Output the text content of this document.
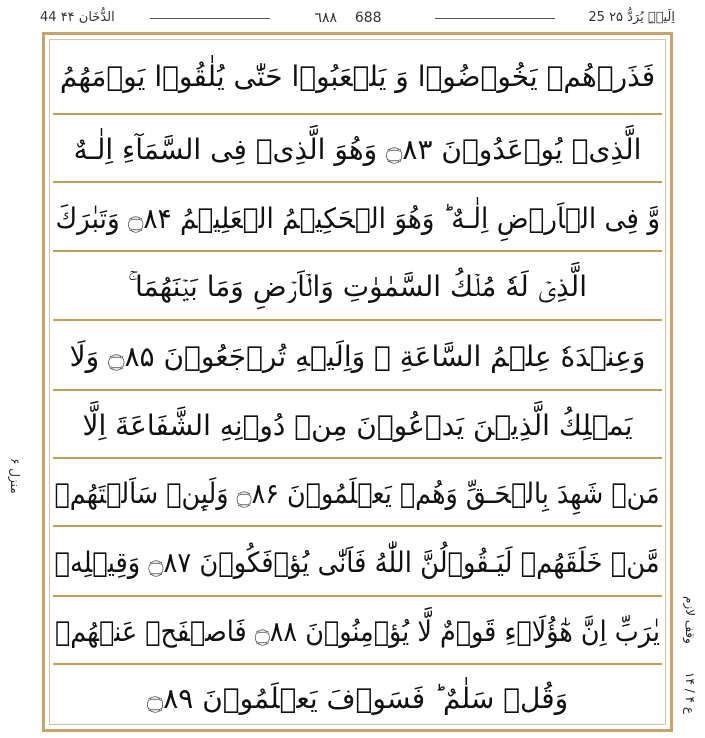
44 الدُّخَان ۴۴	٦٨٨ 688	25 اِلَیۡہِ یُرَدُّ ۲۵
فَذَرۡهُمۡ يَخُوۡضُوۡا وَ يَلۡعَبُوۡا حَتّٰى يُلٰقُوۡا يَوۡمَهُمُ
الَّذِىۡ يُوۡعَدُوۡنَ ۝۸۳ وَهُوَ الَّذِىۡ فِى السَّمَآءِ اِلٰـهٌ
وَّ فِى الۡاَرۡضِ اِلٰـهٌ ؕ وَهُوَ الۡحَكِيۡمُ الۡعَلِيۡمُ ۝۸۴ وَتَبٰرَكَ
الَّذِىۡ لَهٗ مُلۡكُ السَّمٰوٰتِ وَالۡاَرۡضِ وَمَا بَيۡنَهُمَا ۚ
وَعِنۡدَهٗ عِلۡمُ السَّاعَةِ ۚ وَاِلَيۡهِ تُرۡجَعُوۡنَ ۝۸۵ وَلَا
يَمۡلِكُ الَّذِيۡنَ يَدۡعُوۡنَ مِنۡ دُوۡنِهِ الشَّفَاعَةَ اِلَّا
مَنۡ شَهِدَ بِالۡحَـقِّ وَهُمۡ يَعۡلَمُوۡنَ ۝۸۶ وَلَٮِٕنۡ سَاَلۡتَهُمۡ
مَّنۡ خَلَقَهُمۡ لَيَـقُوۡلُنَّ اللّٰهُ فَاَنّٰى يُؤۡفَكُوۡنَ ۝۸۷ وَقِيۡلِهٖ
يٰرَبِّ اِنَّ هٰٓؤُلَاۤءِ قَوۡمٌ لَّا يُؤۡمِنُوۡنَ ۝۸۸ فَاصۡفَحۡ عَنۡهُمۡ
وَقُلۡ سَلٰمٌ ؕ فَسَوۡفَ يَعۡلَمُوۡنَ ۝۸۹
منزل ۶
وقف لازم
ع ۴ / ۱۴
